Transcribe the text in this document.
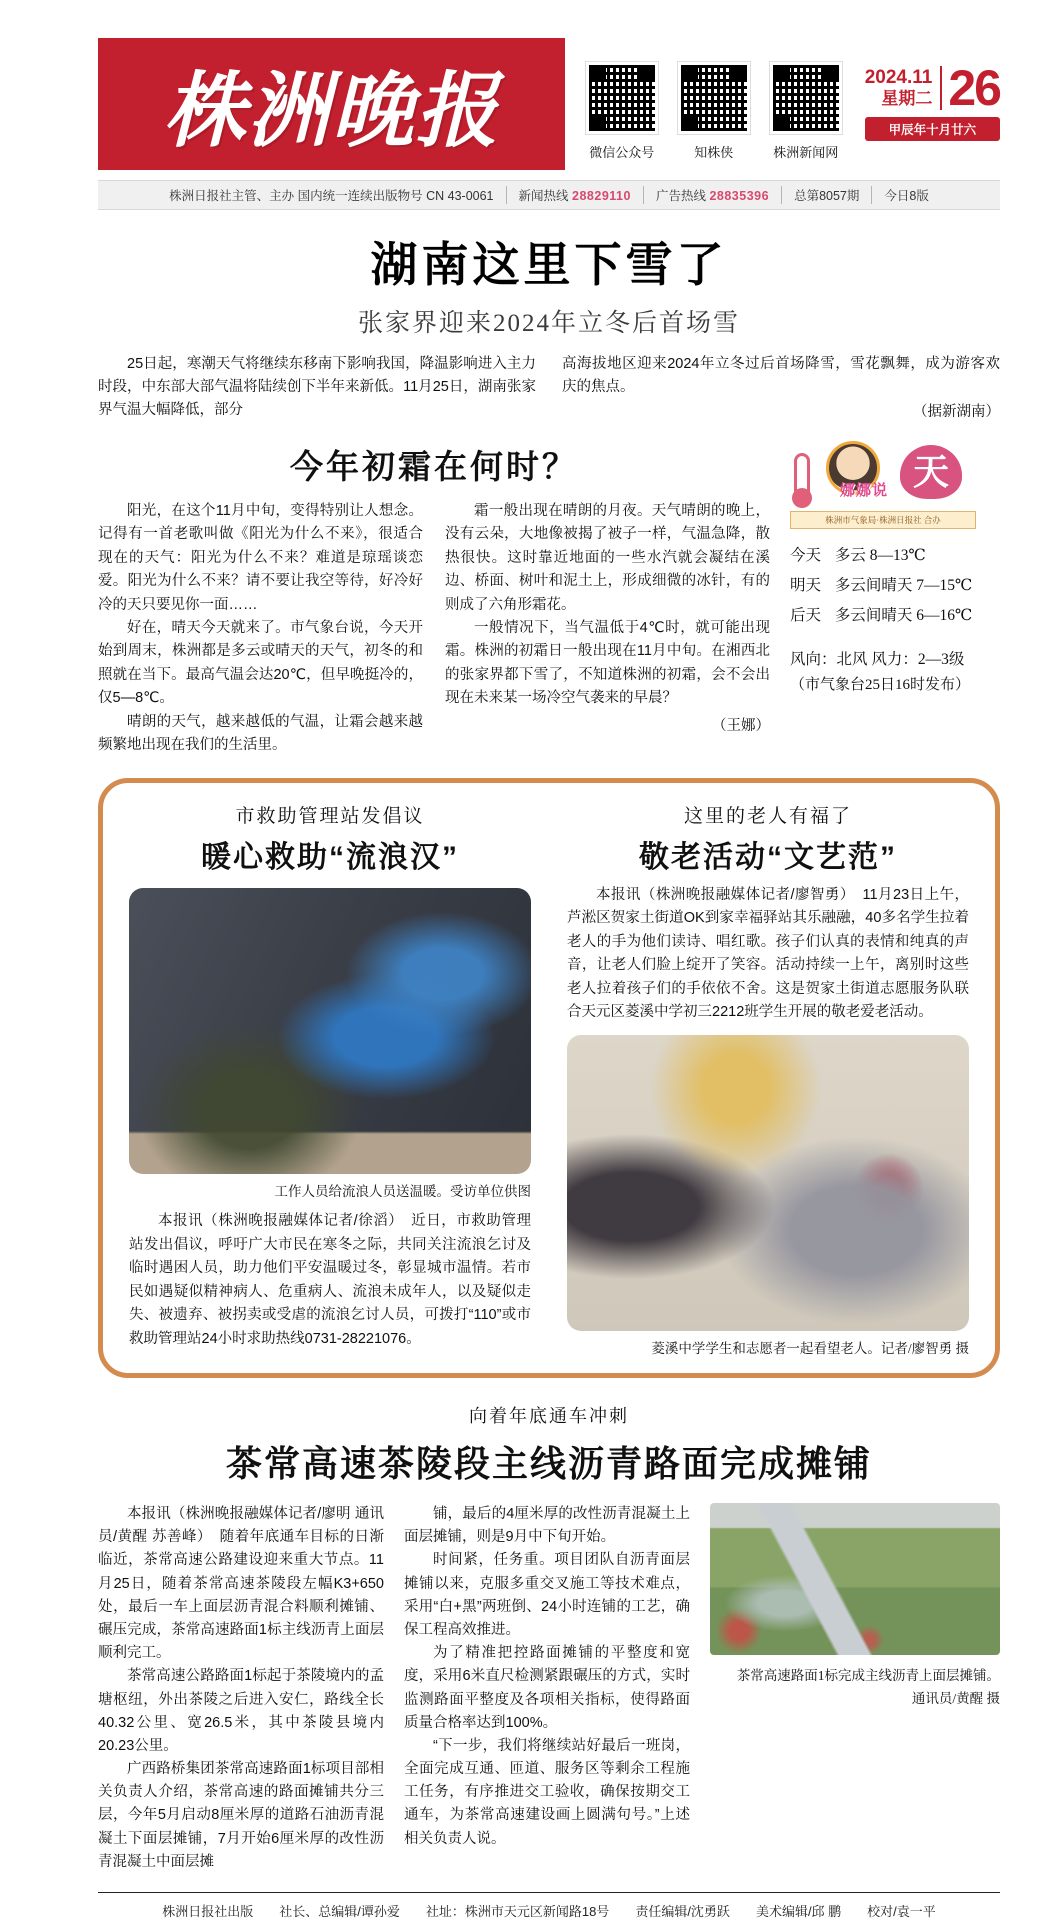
株洲晚报	微信公众号	知株侠	株洲新闻网
2024.11
星期二 26
甲辰年十月廿六
株洲日报社主管、主办 国内统一连续出版物号 CN 43-0061	新闻热线 28829110	广告热线 28835396	总第8057期	今日8版
湖南这里下雪了
张家界迎来2024年立冬后首场雪
25日起，寒潮天气将继续东移南下影响我国，降温影响进入主力时段，中东部大部气温将陆续创下半年来新低。11月25日，湖南张家界气温大幅降低，部分
高海拔地区迎来2024年立冬过后首场降雪，雪花飘舞，成为游客欢庆的焦点。
（据新湖南）
今年初霜在何时？

阳光，在这个11月中旬，变得特别让人想念。记得有一首老歌叫做《阳光为什么不来》，很适合现在的天气：阳光为什么不来？难道是琼瑶谈恋爱。阳光为什么不来？请不要让我空等待，好冷好冷的天只要见你一面……

好在，晴天今天就来了。市气象台说，今天开始到周末，株洲都是多云或晴天的天气，初冬的和照就在当下。最高气温会达20℃，但早晚挺冷的，仅5—8℃。

晴朗的天气，越来越低的气温，让霜会越来越频繁地出现在我们的生活里。

霜一般出现在晴朗的月夜。天气晴朗的晚上，没有云朵，大地像被揭了被子一样，气温急降，散热很快。这时靠近地面的一些水汽就会凝结在溪边、桥面、树叶和泥土上，形成细微的冰针，有的则成了六角形霜花。

一般情况下，当气温低于4℃时，就可能出现霜。株洲的初霜日一般出现在11月中旬。在湘西北的张家界都下雪了，不知道株洲的初霜，会不会出现在未来某一场冷空气袭来的早晨？

（王娜）

娜娜说 天
株洲市气象局·株洲日报社 合办
今天 多云 8—13℃
明天 多云间晴天 7—15℃
后天 多云间晴天 6—16℃
风向：北风 风力：2—3级
（市气象台25日16时发布）
市救助管理站发倡议
暖心救助“流浪汉”
工作人员给流浪人员送温暖。受访单位供图

本报讯（株洲晚报融媒体记者/徐滔）　近日，市救助管理站发出倡议，呼吁广大市民在寒冬之际，共同关注流浪乞讨及临时遇困人员，助力他们平安温暖过冬，彰显城市温情。若市民如遇疑似精神病人、危重病人、流浪未成年人，以及疑似走失、被遗弃、被拐卖或受虐的流浪乞讨人员，可拨打“110”或市救助管理站24小时求助热线0731-28221076。

这里的老人有福了
敬老活动“文艺范”

本报讯（株洲晚报融媒体记者/廖智勇）　11月23日上午，芦淞区贺家土街道OK到家幸福驿站其乐融融，40多名学生拉着老人的手为他们读诗、唱红歌。孩子们认真的表情和纯真的声音，让老人们脸上绽开了笑容。活动持续一上午，离别时这些老人拉着孩子们的手依依不舍。这是贺家土街道志愿服务队联合天元区菱溪中学初三2212班学生开展的敬老爱老活动。

菱溪中学学生和志愿者一起看望老人。记者/廖智勇 摄
向着年底通车冲刺
茶常高速茶陵段主线沥青路面完成摊铺

本报讯（株洲晚报融媒体记者/廖明 通讯员/黄醒 苏善峰）　随着年底通车目标的日渐临近，茶常高速公路建设迎来重大节点。11月25日，随着茶常高速茶陵段左幅K3+650处，最后一车上面层沥青混合料顺利摊铺、碾压完成，茶常高速路面1标主线沥青上面层顺利完工。

茶常高速公路路面1标起于茶陵境内的孟塘枢纽，外出茶陵之后进入安仁，路线全长40.32公里、宽26.5米，其中茶陵县境内20.23公里。

广西路桥集团茶常高速路面1标项目部相关负责人介绍，茶常高速的路面摊铺共分三层，今年5月启动8厘米厚的道路石油沥青混凝土下面层摊铺，7月开始6厘米厚的改性沥青混凝土中面层摊

铺，最后的4厘米厚的改性沥青混凝土上面层摊铺，则是9月中下旬开始。

时间紧，任务重。项目团队自沥青面层摊铺以来，克服多重交叉施工等技术难点，采用“白+黑”两班倒、24小时连铺的工艺，确保工程高效推进。

为了精准把控路面摊铺的平整度和宽度，采用6米直尺检测紧跟碾压的方式，实时监测路面平整度及各项相关指标，使得路面质量合格率达到100%。

“下一步，我们将继续站好最后一班岗，全面完成互通、匝道、服务区等剩余工程施工任务，有序推进交工验收，确保按期交工通车，为茶常高速建设画上圆满句号。”上述相关负责人说。

茶常高速路面1标完成主线沥青上面层摊铺。
通讯员/黄醒 摄
株洲日报社出版 社长、总编辑/谭孙爱 社址：株洲市天元区新闻路18号 责任编辑/沈勇跃 美术编辑/邱 鹏 校对/袁一平
